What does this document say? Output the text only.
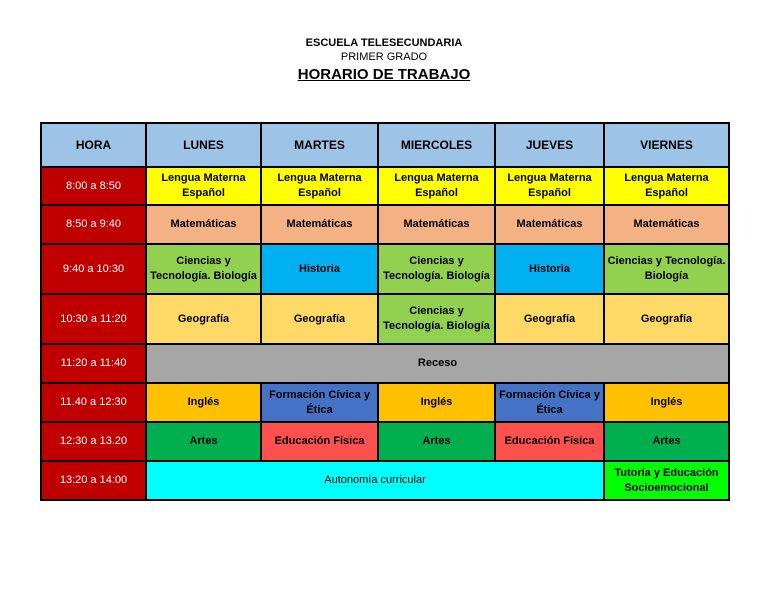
ESCUELA TELESECUNDARIA
PRIMER GRADO
HORARIO DE TRABAJO
HORA	LUNES	MARTES	MIERCOLES	JUEVES	VIERNES
8:00 a 8:50	Lengua Materna Español	Lengua Materna Español	Lengua Materna Español	Lengua Materna Español	Lengua Materna Español
8:50 a 9:40	Matemáticas	Matemáticas	Matemáticas	Matemáticas	Matemáticas
9:40 a 10:30	Ciencias y Tecnología. Biología	Historia	Ciencias y Tecnología. Biología	Historia	Ciencias y Tecnología. Biología
10:30 a 11:20	Geografía	Geografía	Ciencias y Tecnología. Biología	Geografía	Geografía
11:20 a 11:40	Receso				
11.40 a 12:30	Inglés	Formación Cívica y Ética	Inglés	Formación Cívica y Ética	Inglés
12:30 a 13.20	Artes	Educación Física	Artes	Educación Física	Artes
13:20 a 14:00	Autonomía curricular				Tutoría y Educación Socioemocional
